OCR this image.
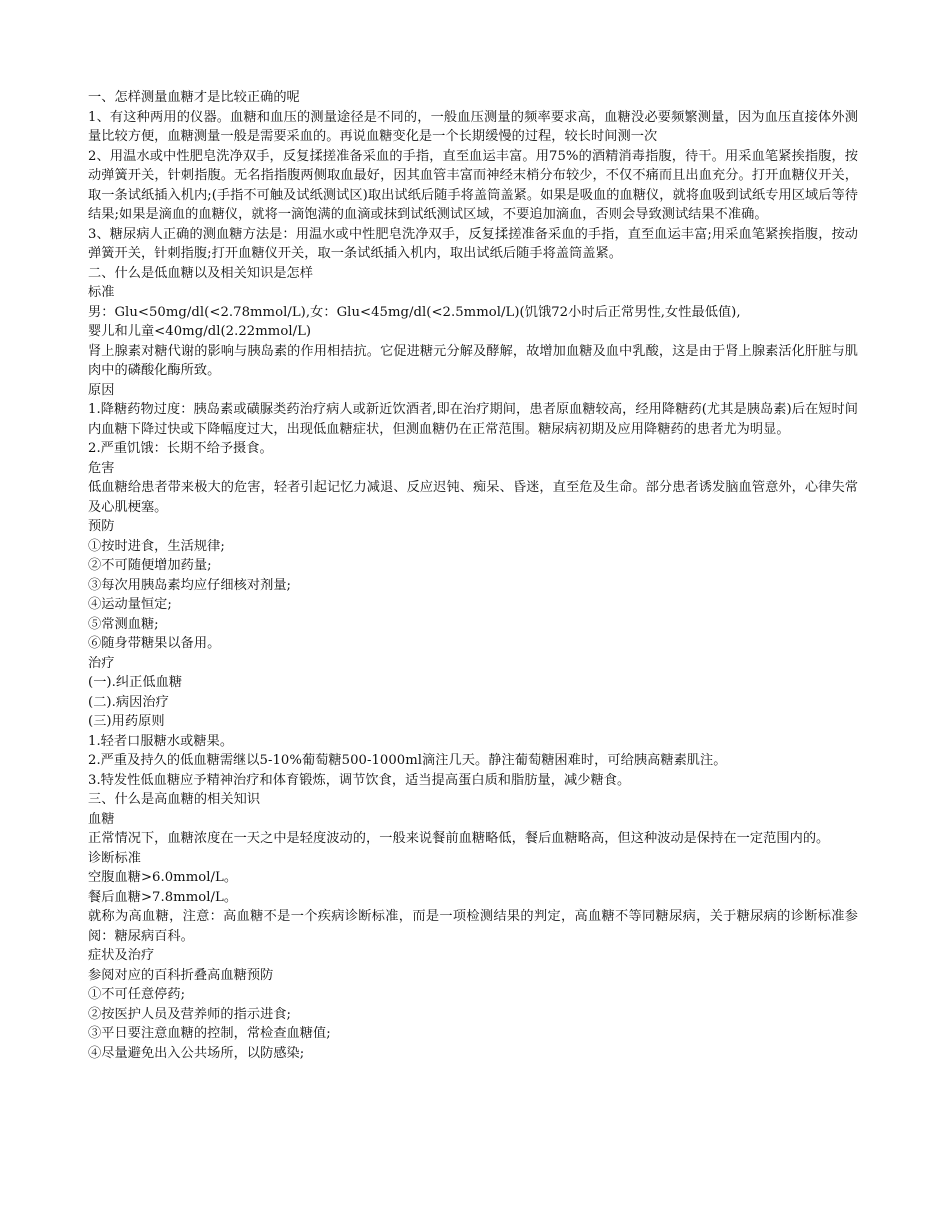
一、怎样测量血糖才是比较正确的呢

1、有这种两用的仪器。血糖和血压的测量途径是不同的，一般血压测量的频率要求高，血糖没必要频繁测量，因为血压直接体外测量比较方便，血糖测量一般是需要采血的。再说血糖变化是一个长期缓慢的过程，较长时间测一次

2、用温水或中性肥皂洗净双手，反复揉搓准备采血的手指，直至血运丰富。用75%的酒精消毒指腹，待干。用采血笔紧挨指腹，按动弹簧开关，针刺指腹。无名指指腹两侧取血最好，因其血管丰富而神经末梢分布较少，不仅不痛而且出血充分。打开血糖仪开关，取一条试纸插入机内;(手指不可触及试纸测试区)取出试纸后随手将盖筒盖紧。如果是吸血的血糖仪，就将血吸到试纸专用区域后等待结果;如果是滴血的血糖仪，就将一滴饱满的血滴或抹到试纸测试区域，不要追加滴血，否则会导致测试结果不准确。

3、糖尿病人正确的测血糖方法是：用温水或中性肥皂洗净双手，反复揉搓准备采血的手指，直至血运丰富;用采血笔紧挨指腹，按动弹簧开关，针刺指腹;打开血糖仪开关，取一条试纸插入机内，取出试纸后随手将盖筒盖紧。

二、什么是低血糖以及相关知识是怎样

标准

男：Glu<50mg/dl(<2.78mmol/L),女：Glu<45mg/dl(<2.5mmol/L)(饥饿72小时后正常男性,女性最低值),

婴儿和儿童<40mg/dl(2.22mmol/L)

肾上腺素对糖代谢的影响与胰岛素的作用相拮抗。它促进糖元分解及酵解，故增加血糖及血中乳酸，这是由于肾上腺素活化肝脏与肌肉中的磷酸化酶所致。

原因

1.降糖药物过度：胰岛素或磺脲类药治疗病人或新近饮酒者,即在治疗期间，患者原血糖较高，经用降糖药(尤其是胰岛素)后在短时间内血糖下降过快或下降幅度过大，出现低血糖症状，但测血糖仍在正常范围。糖尿病初期及应用降糖药的患者尤为明显。

2.严重饥饿：长期不给予摄食。

危害

低血糖给患者带来极大的危害，轻者引起记忆力减退、反应迟钝、痴呆、昏迷，直至危及生命。部分患者诱发脑血管意外，心律失常及心肌梗塞。

预防

①按时进食，生活规律;

②不可随便增加药量;

③每次用胰岛素均应仔细核对剂量;

④运动量恒定;

⑤常测血糖;

⑥随身带糖果以备用。

治疗

(一).纠正低血糖

(二).病因治疗

(三)用药原则

1.轻者口服糖水或糖果。

2.严重及持久的低血糖需继以5-10%葡萄糖500-1000ml滴注几天。静注葡萄糖困难时，可给胰高糖素肌注。

3.特发性低血糖应予精神治疗和体育锻炼，调节饮食，适当提高蛋白质和脂肪量，减少糖食。

三、什么是高血糖的相关知识

血糖

正常情况下，血糖浓度在一天之中是轻度波动的，一般来说餐前血糖略低，餐后血糖略高，但这种波动是保持在一定范围内的。

诊断标准

空腹血糖>6.0mmol/L。

餐后血糖>7.8mmol/L。

就称为高血糖，注意：高血糖不是一个疾病诊断标准，而是一项检测结果的判定，高血糖不等同糖尿病，关于糖尿病的诊断标准参阅：糖尿病百科。

症状及治疗

参阅对应的百科折叠高血糖预防

①不可任意停药;

②按医护人员及营养师的指示进食;

③平日要注意血糖的控制，常检查血糖值;

④尽量避免出入公共场所，以防感染;
